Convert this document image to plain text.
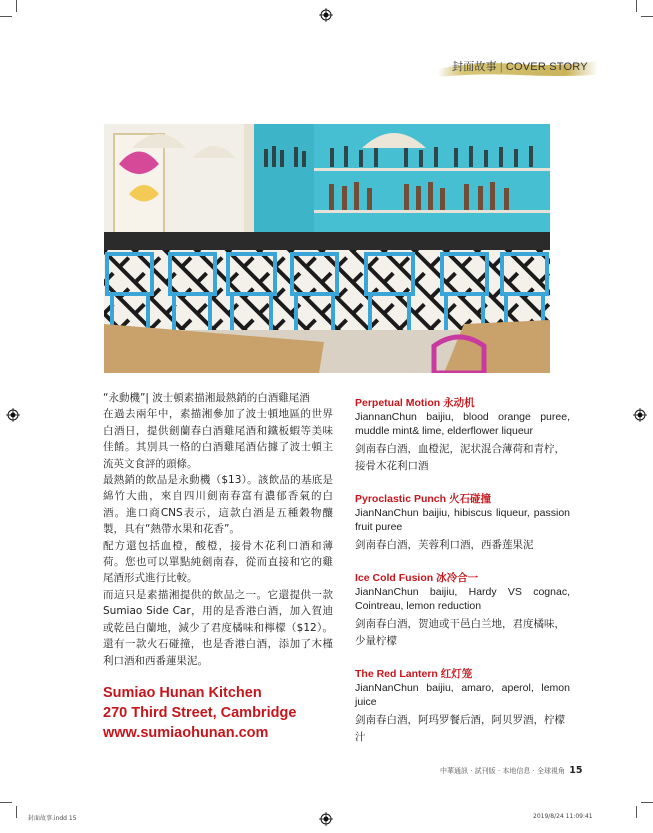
封面故事 | COVER STORY

“永動機”| 波士頓素描湘最熱銷的白酒雞尾酒

在過去兩年中，素描湘參加了波士頓地區的世界白酒日，提供劍蘭春白酒雞尾酒和鐵板蝦等美味佳餚。其別具一格的白酒雞尾酒佔據了波士頓主流英文食評的頭條。

最熱銷的飲品是永動機（$13）。該飲品的基底是綿竹大曲，來自四川劍南春富有濃郁香氣的白酒。進口商CNS表示，這款白酒是五種穀物釀製，具有“熱帶水果和花香”。

配方還包括血橙，酸橙，接骨木花利口酒和薄荷。您也可以單點純劍南春，從而直接和它的雞尾酒形式進行比較。

而這只是素描湘提供的飲品之一。它還提供一款Sumiao Side Car，用的是香港白酒，加入賀迪或乾邑白蘭地，減少了君度橘味和檸檬（$12）。還有一款火石碰撞，也是香港白酒，添加了木槿利口酒和西番蓮果泥。

Sumiao Hunan Kitchen
270 Third Street, Cambridge
www.sumiaohunan.com
Perpetual Motion 永动机
JiannanChun baijiu, blood orange puree, muddle mint& lime, elderflower liqueur
剑南春白酒，血橙泥，泥状混合薄荷和青柠，接骨木花利口酒
Pyroclastic Punch 火石碰撞
JianNanChun baijiu, hibiscus liqueur, passion fruit puree
剑南春白酒，芙蓉利口酒，西番莲果泥
Ice Cold Fusion 冰冷合一
JianNanChun baijiu, Hardy VS cognac, Cointreau, lemon reduction
剑南春白酒，贺迪或干邑白兰地，君度橘味，少量柠檬
The Red Lantern 红灯笼
JianNanChun baijiu, amaro, aperol, lemon juice
剑南春白酒，阿玛罗餐后酒，阿贝罗酒，柠檬汁
中華通訊 · 試刊版 · 本地信息 · 全球視角 15
封面故事.indd 15	2019/8/24 11:09:41
